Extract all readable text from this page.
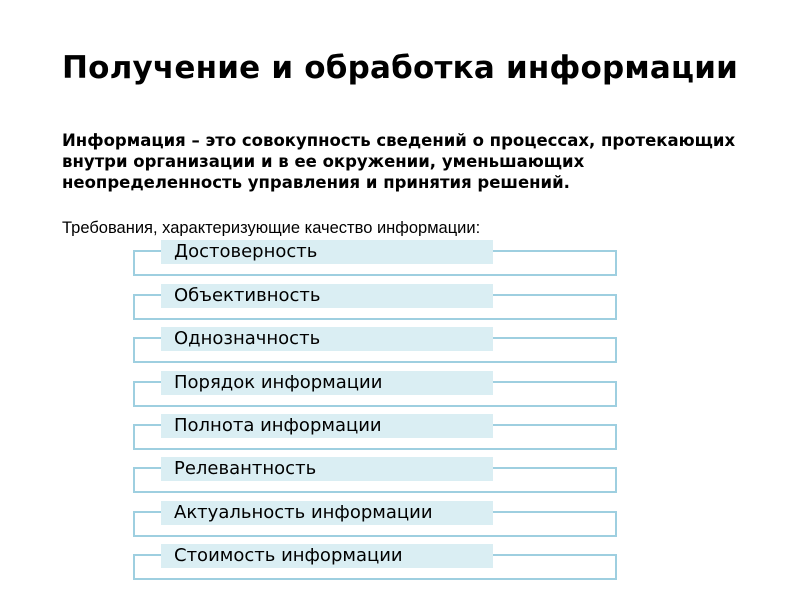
Получение и обработка информации
Информация – это совокупность сведений о процессах, протекающих внутри организации и в ее окружении, уменьшающих неопределенность управления и принятия решений.
Требования, характеризующие качество информации:
Достоверность
Объективность
Однозначность
Порядок информации
Полнота информации
Релевантность
Актуальность информации
Стоимость информации
